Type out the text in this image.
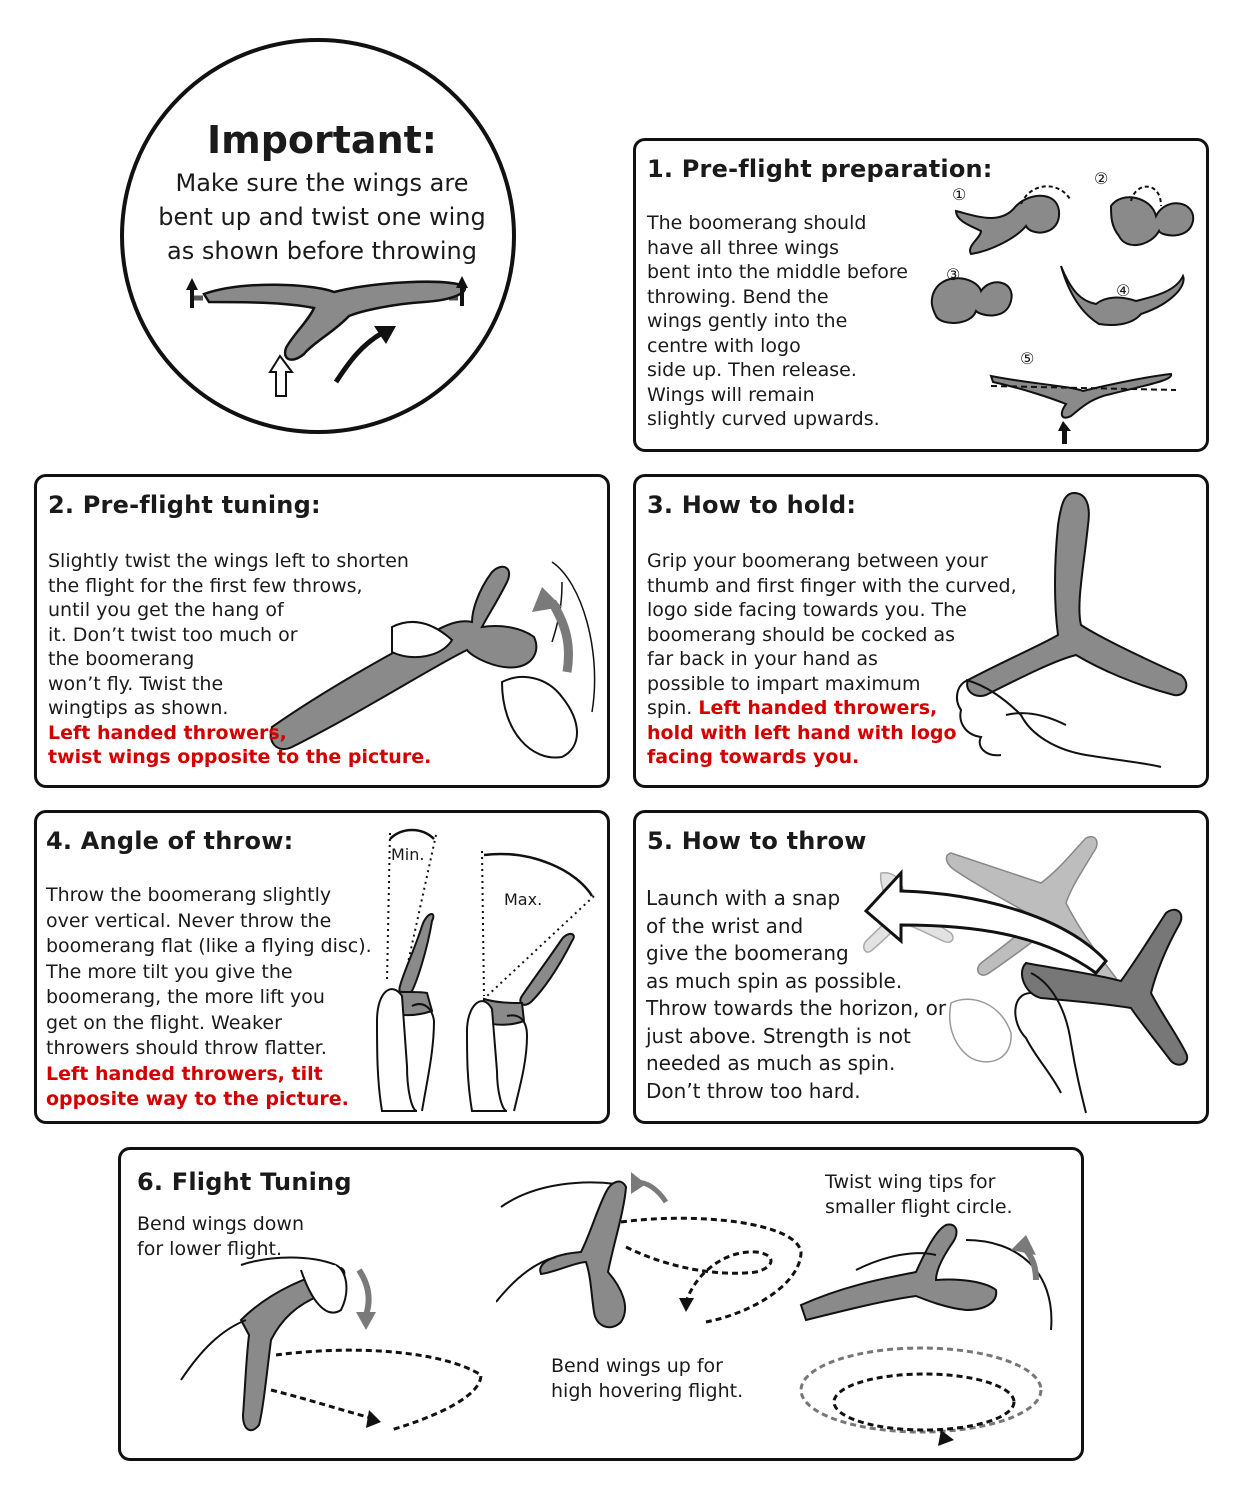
Important:
Make sure the wings are
bent up and twist one wing
as shown before throwing
1. Pre-flight preparation:
The boomerang should
have all three wings
bent into the middle before
throwing. Bend the
wings gently into the
centre with logo
side up. Then release.
Wings will remain
slightly curved upwards.
①
②
③
④
⑤
2. Pre-flight tuning:
Slightly twist the wings left to shorten
the flight for the first few throws,
until you get the hang of
it. Don’t twist too much or
the boomerang
won’t fly. Twist the
wingtips as shown.
Left handed throwers,
twist wings opposite to the picture.
3. How to hold:
Grip your boomerang between your
thumb and first finger with the curved,
logo side facing towards you. The
boomerang should be cocked as
far back in your hand as
possible to impart maximum
spin. Left handed throwers,
hold with left hand with logo
facing towards you.
4. Angle of throw:	Min.
Max.
Throw the boomerang slightly
over vertical. Never throw the
boomerang flat (like a flying disc).
The more tilt you give the
boomerang, the more lift you
get on the flight. Weaker
throwers should throw flatter.
Left handed throwers, tilt
opposite way to the picture.
5. How to throw
Launch with a snap
of the wrist and
give the boomerang
as much spin as possible.
Throw towards the horizon, or
just above. Strength is not
needed as much as spin.
Don’t throw too hard.
6. Flight Tuning
Bend wings down
for lower flight.
Bend wings up for
high hovering flight.
Twist wing tips for
smaller flight circle.
